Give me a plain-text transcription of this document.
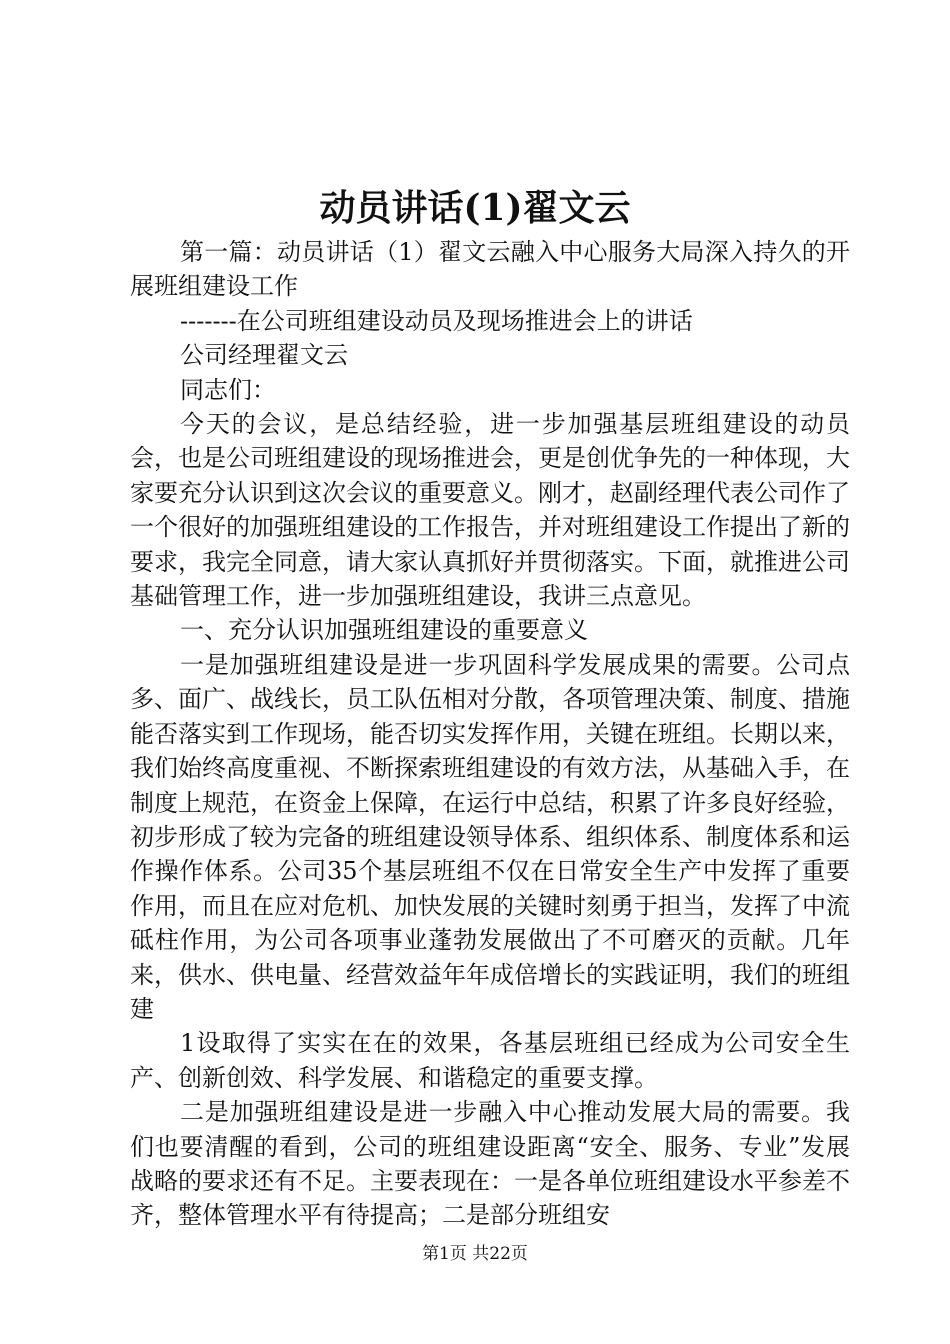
动员讲话(1)翟文云

第一篇：动员讲话（1）翟文云融入中心服务大局深入持久的开展班组建设工作

-------在公司班组建设动员及现场推进会上的讲话

公司经理翟文云

同志们：

今天的会议，是总结经验，进一步加强基层班组建设的动员会，也是公司班组建设的现场推进会，更是创优争先的一种体现，大家要充分认识到这次会议的重要意义。刚才，赵副经理代表公司作了一个很好的加强班组建设的工作报告，并对班组建设工作提出了新的要求，我完全同意，请大家认真抓好并贯彻落实。下面，就推进公司基础管理工作，进一步加强班组建设，我讲三点意见。

一、充分认识加强班组建设的重要意义

一是加强班组建设是进一步巩固科学发展成果的需要。公司点多、面广、战线长，员工队伍相对分散，各项管理决策、制度、措施能否落实到工作现场，能否切实发挥作用，关键在班组。长期以来，我们始终高度重视、不断探索班组建设的有效方法，从基础入手，在制度上规范，在资金上保障，在运行中总结，积累了许多良好经验，初步形成了较为完备的班组建设领导体系、组织体系、制度体系和运作操作体系。公司35个基层班组不仅在日常安全生产中发挥了重要作用，而且在应对危机、加快发展的关键时刻勇于担当，发挥了中流砥柱作用，为公司各项事业蓬勃发展做出了不可磨灭的贡献。几年来，供水、供电量、经营效益年年成倍增长的实践证明，我们的班组建

1设取得了实实在在的效果，各基层班组已经成为公司安全生产、创新创效、科学发展、和谐稳定的重要支撑。

二是加强班组建设是进一步融入中心推动发展大局的需要。我们也要清醒的看到，公司的班组建设距离“安全、服务、专业”发展战略的要求还有不足。主要表现在：一是各单位班组建设水平参差不齐，整体管理水平有待提高；二是部分班组安

第1页 共22页
